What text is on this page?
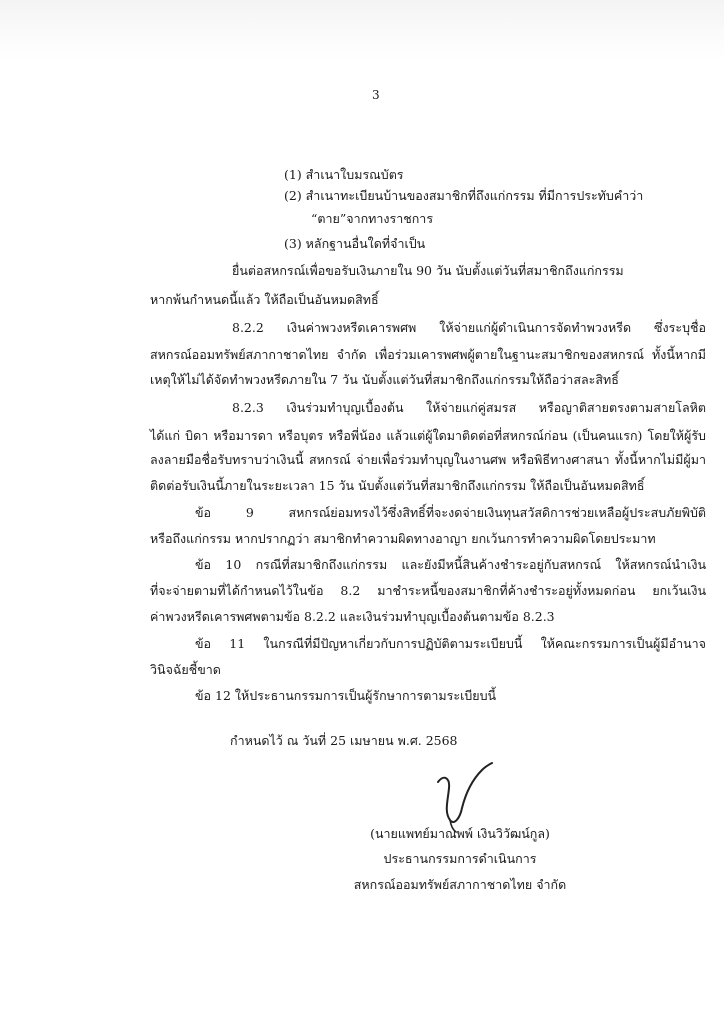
3
(1) สำเนาใบมรณบัตร
(2) สำเนาทะเบียนบ้านของสมาชิกที่ถึงแก่กรรม ที่มีการประทับคำว่า
“ตาย”จากทางราชการ
(3) หลักฐานอื่นใดที่จำเป็น
ยื่นต่อสหกรณ์เพื่อขอรับเงินภายใน 90 วัน นับตั้งแต่วันที่สมาชิกถึงแก่กรรม
หากพ้นกำหนดนี้แล้ว ให้ถือเป็นอันหมดสิทธิ์
8.2.2 เงินค่าพวงหรีดเคารพศพ ให้จ่ายแก่ผู้ดำเนินการจัดทำพวงหรีด ซึ่งระบุชื่อ
สหกรณ์ออมทรัพย์สภากาชาดไทย จำกัด เพื่อร่วมเคารพศพผู้ตายในฐานะสมาชิกของสหกรณ์ ทั้งนี้หากมี
เหตุให้ไม่ได้จัดทำพวงหรีดภายใน 7 วัน นับตั้งแต่วันที่สมาชิกถึงแก่กรรมให้ถือว่าสละสิทธิ์
8.2.3 เงินร่วมทำบุญเบื้องต้น ให้จ่ายแก่คู่สมรส หรือญาติสายตรงตามสายโลหิต
ได้แก่ บิดา หรือมารดา หรือบุตร หรือพี่น้อง แล้วแต่ผู้ใดมาติดต่อที่สหกรณ์ก่อน (เป็นคนแรก) โดยให้ผู้รับ
ลงลายมือชื่อรับทราบว่าเงินนี้ สหกรณ์ จ่ายเพื่อร่วมทำบุญในงานศพ หรือพิธีทางศาสนา ทั้งนี้หากไม่มีผู้มา
ติดต่อรับเงินนี้ภายในระยะเวลา 15 วัน นับตั้งแต่วันที่สมาชิกถึงแก่กรรม ให้ถือเป็นอันหมดสิทธิ์
ข้อ 9 สหกรณ์ย่อมทรงไว้ซึ่งสิทธิ์ที่จะงดจ่ายเงินทุนสวัสดิการช่วยเหลือผู้ประสบภัยพิบัติ
หรือถึงแก่กรรม หากปรากฏว่า สมาชิกทำความผิดทางอาญา ยกเว้นการทำความผิดโดยประมาท
ข้อ 10 กรณีที่สมาชิกถึงแก่กรรม และยังมีหนี้สินค้างชำระอยู่กับสหกรณ์ ให้สหกรณ์นำเงิน
ที่จะจ่ายตามที่ได้กำหนดไว้ในข้อ 8.2 มาชำระหนี้ของสมาชิกที่ค้างชำระอยู่ทั้งหมดก่อน ยกเว้นเงิน
ค่าพวงหรีดเคารพศพตามข้อ 8.2.2 และเงินร่วมทำบุญเบื้องต้นตามข้อ 8.2.3
ข้อ 11 ในกรณีที่มีปัญหาเกี่ยวกับการปฏิบัติตามระเบียบนี้ ให้คณะกรรมการเป็นผู้มีอำนาจ
วินิจฉัยชี้ขาด
ข้อ 12 ให้ประธานกรรมการเป็นผู้รักษาการตามระเบียบนี้
กำหนดไว้ ณ วันที่ 25 เมษายน พ.ศ. 2568
(นายแพทย์มาณพพ์ เงินวิวัฒน์กูล)
ประธานกรรมการดำเนินการ
สหกรณ์ออมทรัพย์สภากาชาดไทย จำกัด
